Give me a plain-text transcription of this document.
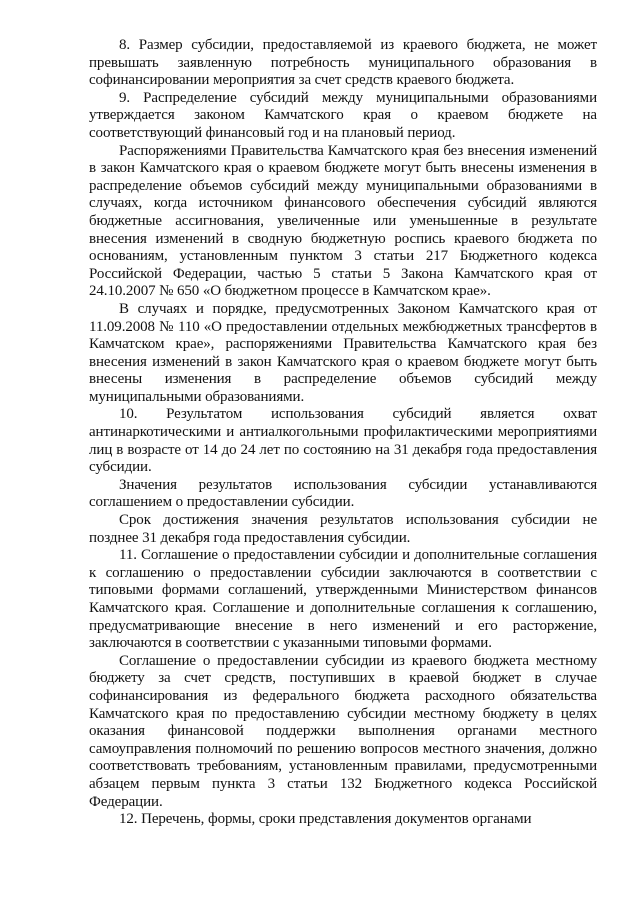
8. Размер субсидии, предоставляемой из краевого бюджета, не может превышать заявленную потребность муниципального образования в софинансировании мероприятия за счет средств краевого бюджета.

9. Распределение субсидий между муниципальными образованиями утверждается законом Камчатского края о краевом бюджете на соответствующий финансовый год и на плановый период.

Распоряжениями Правительства Камчатского края без внесения изменений в закон Камчатского края о краевом бюджете могут быть внесены изменения в распределение объемов субсидий между муниципальными образованиями в случаях, когда источником финансового обеспечения субсидий являются бюджетные ассигнования, увеличенные или уменьшенные в результате внесения изменений в сводную бюджетную роспись краевого бюджета по основаниям, установленным пунктом 3 статьи 217 Бюджетного кодекса Российской Федерации, частью 5 статьи 5 Закона Камчатского края от 24.10.2007 № 650 «О бюджетном процессе в Камчатском крае».

В случаях и порядке, предусмотренных Законом Камчатского края от 11.09.2008 № 110 «О предоставлении отдельных межбюджетных трансфертов в Камчатском крае», распоряжениями Правительства Камчатского края без внесения изменений в закон Камчатского края о краевом бюджете могут быть внесены изменения в распределение объемов субсидий между муниципальными образованиями.

10. Результатом использования субсидий является охват антинаркотическими и антиалкогольными профилактическими мероприятиями лиц в возрасте от 14 до 24 лет по состоянию на 31 декабря года предоставления субсидии.

Значения результатов использования субсидии устанавливаются соглашением о предоставлении субсидии.

Срок достижения значения результатов использования субсидии не позднее 31 декабря года предоставления субсидии.

11. Соглашение о предоставлении субсидии и дополнительные соглашения к соглашению о предоставлении субсидии заключаются в соответствии с типовыми формами соглашений, утвержденными Министерством финансов Камчатского края. Соглашение и дополнительные соглашения к соглашению, предусматривающие внесение в него изменений и его расторжение, заключаются в соответствии с указанными типовыми формами.

Соглашение о предоставлении субсидии из краевого бюджета местному бюджету за счет средств, поступивших в краевой бюджет в случае софинансирования из федерального бюджета расходного обязательства Камчатского края по предоставлению субсидии местному бюджету в целях оказания финансовой поддержки выполнения органами местного самоуправления полномочий по решению вопросов местного значения, должно соответствовать требованиям, установленным правилами, предусмотренными абзацем первым пункта 3 статьи 132 Бюджетного кодекса Российской Федерации.

12. Перечень, формы, сроки представления документов органами
